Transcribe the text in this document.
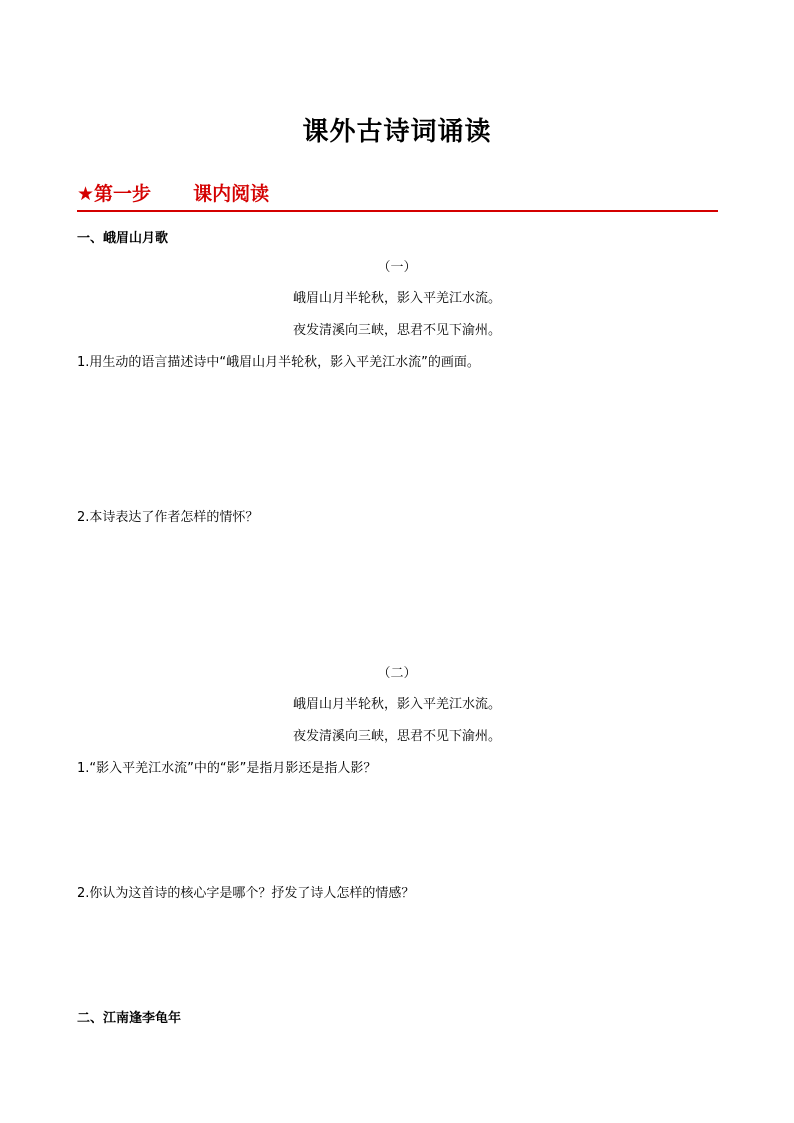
课外古诗词诵读
★第一步 课内阅读
一、峨眉山月歌
（一）
峨眉山月半轮秋，影入平羌江水流。
夜发清溪向三峡，思君不见下渝州。
1.用生动的语言描述诗中“峨眉山月半轮秋，影入平羌江水流”的画面。
2.本诗表达了作者怎样的情怀？
（二）
峨眉山月半轮秋，影入平羌江水流。
夜发清溪向三峡，思君不见下渝州。
1.“影入平羌江水流”中的“影”是指月影还是指人影？
2.你认为这首诗的核心字是哪个？抒发了诗人怎样的情感？
二、江南逢李龟年
